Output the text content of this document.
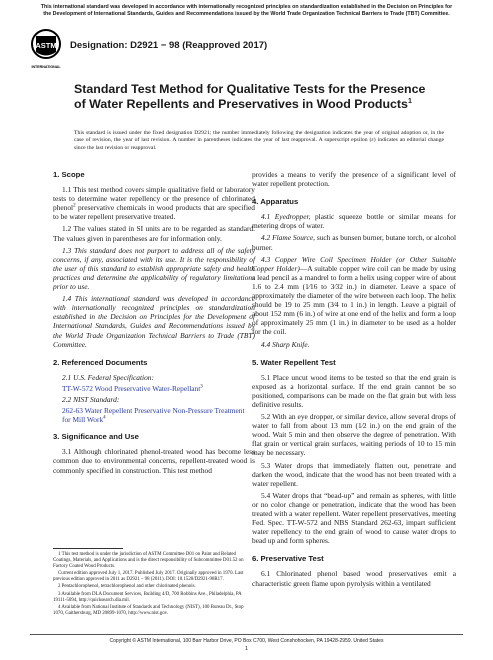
This international standard was developed in accordance with internationally recognized principles on standardization established in the Decision on Principles for the Development of International Standards, Guides and Recommendations issued by the World Trade Organization Technical Barriers to Trade (TBT) Committee.
ASTM
INTERNATIONAL
Designation: D2921 − 98 (Reapproved 2017)
Standard Test Method for Qualitative Tests for the Presence of Water Repellents and Preservatives in Wood Products$^1$
This standard is issued under the fixed designation D2921; the number immediately following the designation indicates the year of original adoption or, in the case of revision, the year of last revision. A number in parentheses indicates the year of last reapproval. A superscript epsilon (ε) indicates an editorial change since the last revision or reapproval.
1. Scope
1.1 This test method covers simple qualitative field or laboratory tests to determine water repellency or the presence of chlorinated phenol$^2$ preservative chemicals in wood products that are specified to be water repellent preservative treated.
1.2 The values stated in SI units are to be regarded as standard. The values given in parentheses are for information only.
1.3 This standard does not purport to address all of the safety concerns, if any, associated with its use. It is the responsibility of the user of this standard to establish appropriate safety and health practices and determine the applicability of regulatory limitations prior to use.
1.4 This international standard was developed in accordance with internationally recognized principles on standardization established in the Decision on Principles for the Development of International Standards, Guides and Recommendations issued by the World Trade Organization Technical Barriers to Trade (TBT) Committee.
2. Referenced Documents
2.1 U.S. Federal Specification:
TT-W-572 Wood Preservative Water-Repellant$^3$
2.2 NIST Standard:
262-63 Water Repellent Preservative Non-Pressure Treatment for Mill Work$^4$
3. Significance and Use
3.1 Although chlorinated phenol-treated wood has become less common due to environmental concerns, repellent-treated wood is commonly specified in construction. This test method
1 This test method is under the jurisdiction of ASTM Committee D01 on Paint and Related Coatings, Materials, and Applications and is the direct responsibility of Subcommittee D01.52 on Factory Coated Wood Products.
Current edition approved July 1, 2017. Published July 2017. Originally approved in 1970. Last previous edition approved in 2011 as D2921 – 98 (2011). DOI: 10.1520/D2921-98R17.
2 Pentachlorophenol, tetrachlorophenol and other chlorinated phenols.
3 Available from DLA Document Services, Building 4/D, 700 Robbins Ave., Philadelphia, PA 19111-5094, http://quicksearch.dla.mil.
4 Available from National Institute of Standards and Technology (NIST), 100 Bureau Dr., Stop 1070, Gaithersburg, MD 20899-1070, http://www.nist.gov.
provides a means to verify the presence of a significant level of water repellent protection.
4. Apparatus
4.1 Eyedropper, plastic squeeze bottle or similar means for metering drops of water.
4.2 Flame Source, such as bunsen burner, butane torch, or alcohol burner.
4.3 Copper Wire Coil Specimen Holder (or Other Suitable Copper Holder)—A suitable copper wire coil can be made by using a lead pencil as a mandrel to form a helix using copper wire of about 1.6 to 2.4 mm (1⁄16 to 3⁄32 in.) in diameter. Leave a space of approximately the diameter of the wire between each loop. The helix should be 19 to 25 mm (3⁄4 to 1 in.) in length. Leave a pigtail of about 152 mm (6 in.) of wire at one end of the helix and form a loop of approximately 25 mm (1 in.) in diameter to be used as a holder for the coil.
4.4 Sharp Knife.
5. Water Repellent Test
5.1 Place uncut wood items to be tested so that the end grain is exposed as a horizontal surface. If the end grain cannot be so positioned, comparisons can be made on the flat grain but with less definitive results.
5.2 With an eye dropper, or similar device, allow several drops of water to fall from about 13 mm (1⁄2 in.) on the end grain of the wood. Wait 5 min and then observe the degree of penetration. With flat grain or vertical grain surfaces, waiting periods of 10 to 15 min may be necessary.
5.3 Water drops that immediately flatten out, penetrate and darken the wood, indicate that the wood has not been treated with a water repellent.
5.4 Water drops that “bead-up” and remain as spheres, with little or no color change or penetration, indicate that the wood has been treated with a water repellent. Water repellent preservatives, meeting Fed. Spec. TT-W-572 and NBS Standard 262-63, impart sufficient water repellency to the end grain of wood to cause water drops to bead up and form spheres.
6. Preservative Test
6.1 Chlorinated phenol based wood preservatives emit a characteristic green flame upon pyrolysis within a ventilated
Copyright © ASTM International, 100 Barr Harbor Drive, PO Box C700, West Conshohocken, PA 19428-2959. United States
1
